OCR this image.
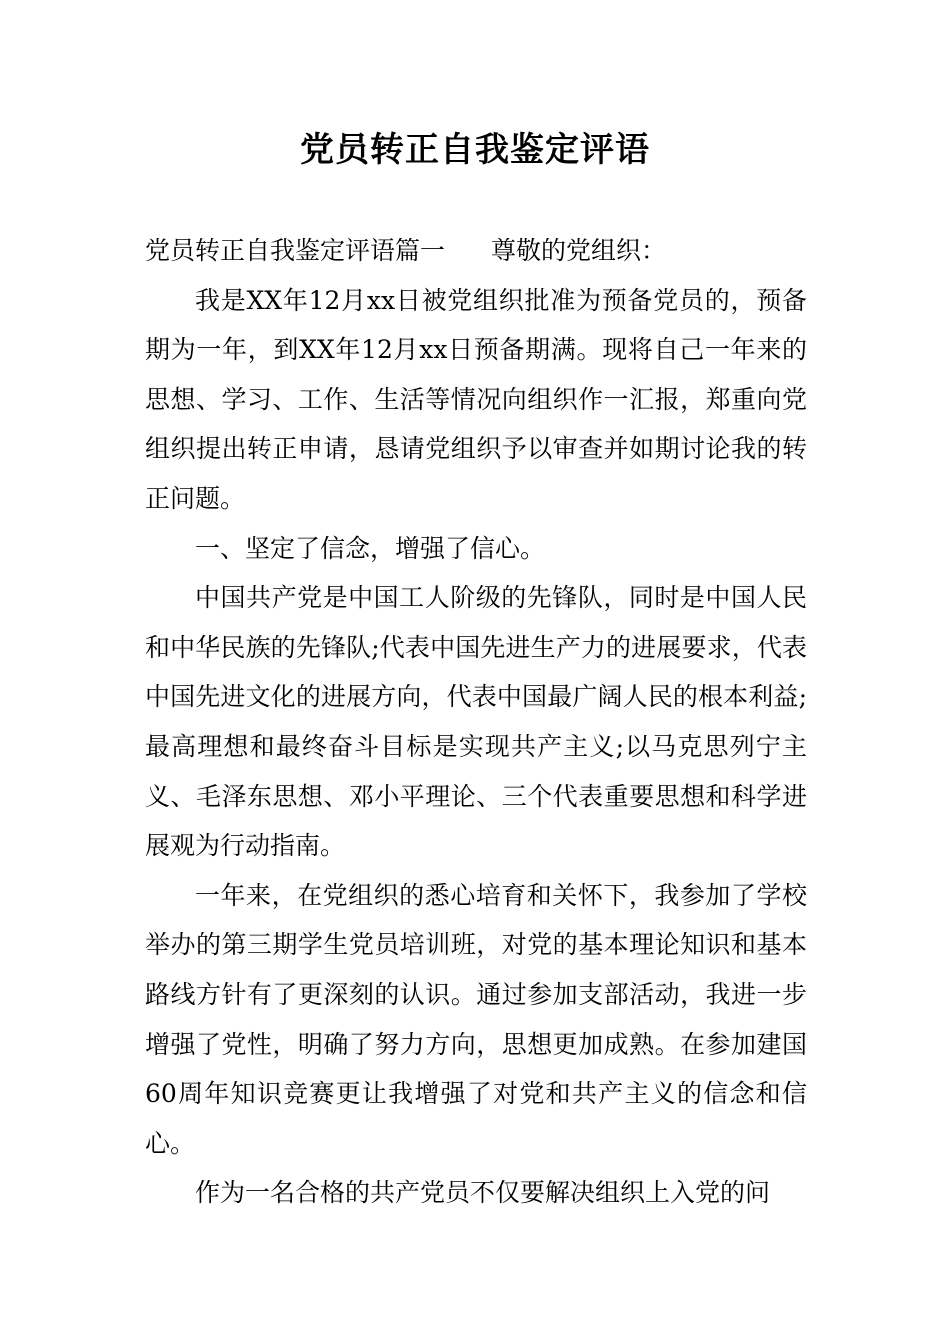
党员转正自我鉴定评语

党员转正自我鉴定评语篇一 尊敬的党组织：

我是XX年12月xx日被党组织批准为预备党员的，预备期为一年，到XX年12月xx日预备期满。现将自己一年来的思想、学习、工作、生活等情况向组织作一汇报，郑重向党组织提出转正申请，恳请党组织予以审查并如期讨论我的转正问题。

一、坚定了信念，增强了信心。

中国共产党是中国工人阶级的先锋队，同时是中国人民和中华民族的先锋队;代表中国先进生产力的进展要求，代表中国先进文化的进展方向，代表中国最广阔人民的根本利益;最高理想和最终奋斗目标是实现共产主义;以马克思列宁主义、毛泽东思想、邓小平理论、三个代表重要思想和科学进展观为行动指南。

一年来，在党组织的悉心培育和关怀下，我参加了学校举办的第三期学生党员培训班，对党的基本理论知识和基本路线方针有了更深刻的认识。通过参加支部活动，我进一步增强了党性，明确了努力方向，思想更加成熟。在参加建国60周年知识竞赛更让我增强了对党和共产主义的信念和信心。

作为一名合格的共产党员不仅要解决组织上入党的问
